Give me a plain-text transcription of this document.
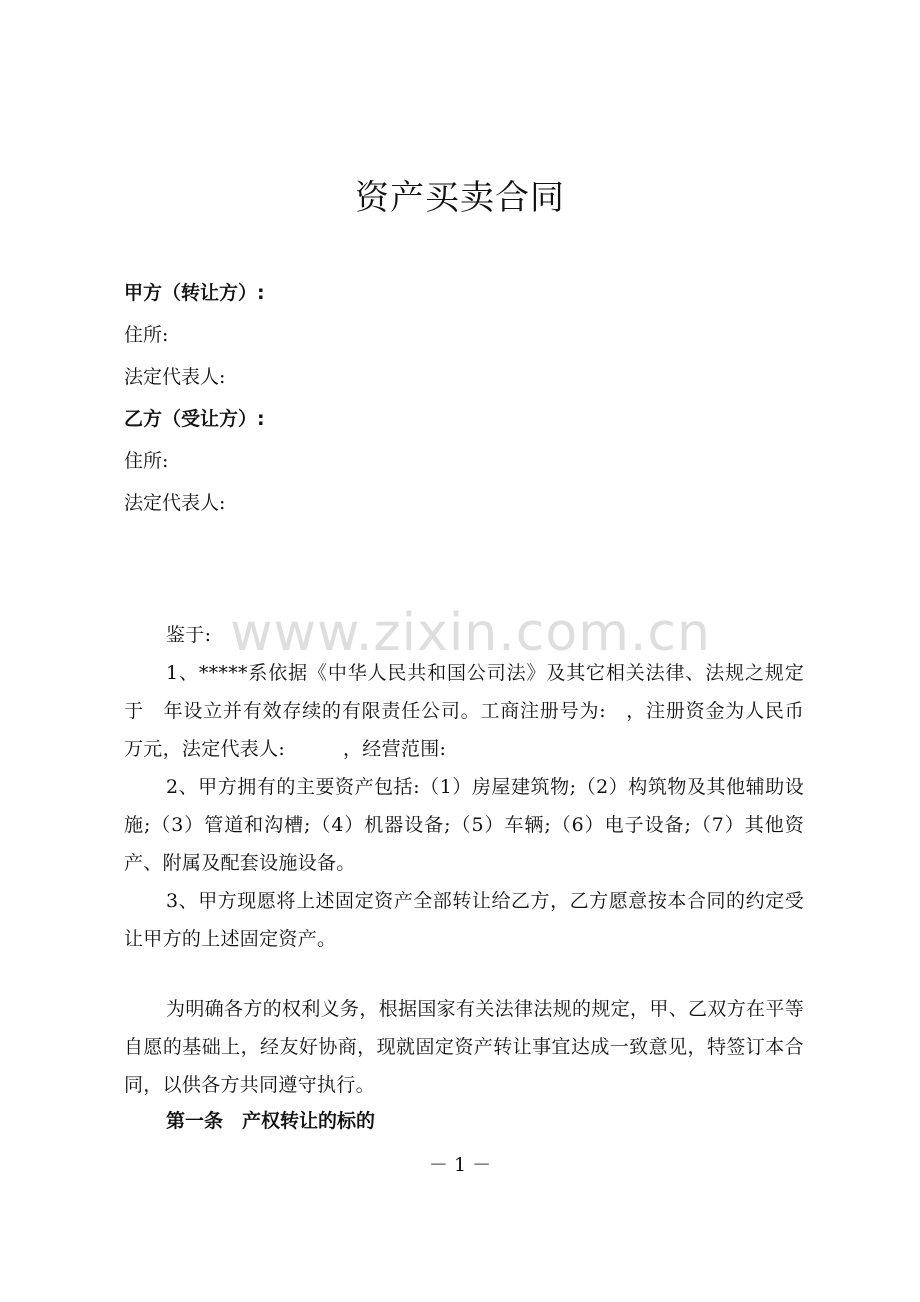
www.zixin.com.cn
资产买卖合同
甲方（转让方）:
住所:
法定代表人:
乙方（受让方）:
住所:
法定代表人:

鉴于:

1、*****系依据《中华人民共和国公司法》及其它相关法律、法规之规定于　年设立并有效存续的有限责任公司。工商注册号为:　，注册资金为人民币　万元，法定代表人:　　　，经营范围:

2、甲方拥有的主要资产包括:（1）房屋建筑物;（2）构筑物及其他辅助设施;（3）管道和沟槽;（4）机器设备;（5）车辆;（6）电子设备;（7）其他资产、附属及配套设施设备。

3、甲方现愿将上述固定资产全部转让给乙方，乙方愿意按本合同的约定受让甲方的上述固定资产。

为明确各方的权利义务，根据国家有关法律法规的规定，甲、乙双方在平等自愿的基础上，经友好协商，现就固定资产转让事宜达成一致意见，特签订本合同，以供各方共同遵守执行。

第一条　产权转让的标的
－ 1 －
